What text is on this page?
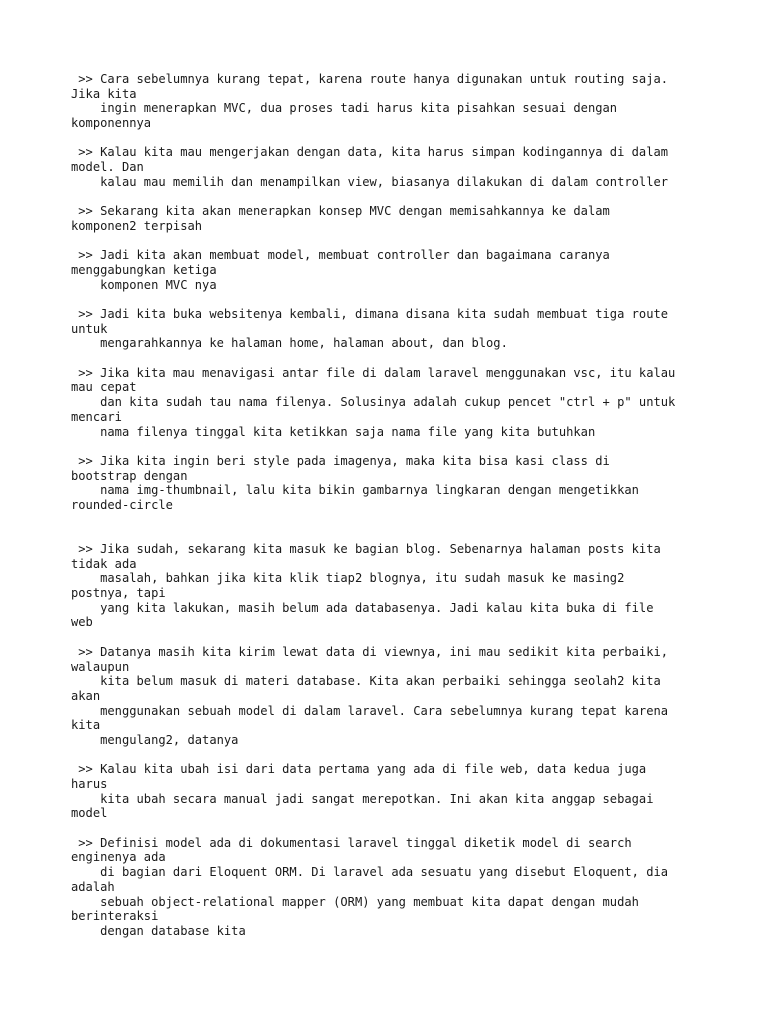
>> Cara sebelumnya kurang tepat, karena route hanya digunakan untuk routing saja.
Jika kita
ingin menerapkan MVC, dua proses tadi harus kita pisahkan sesuai dengan
komponennya
>> Kalau kita mau mengerjakan dengan data, kita harus simpan kodingannya di dalam
model. Dan
kalau mau memilih dan menampilkan view, biasanya dilakukan di dalam controller
>> Sekarang kita akan menerapkan konsep MVC dengan memisahkannya ke dalam
komponen2 terpisah
>> Jadi kita akan membuat model, membuat controller dan bagaimana caranya
menggabungkan ketiga
komponen MVC nya
>> Jadi kita buka websitenya kembali, dimana disana kita sudah membuat tiga route
untuk
mengarahkannya ke halaman home, halaman about, dan blog.
>> Jika kita mau menavigasi antar file di dalam laravel menggunakan vsc, itu kalau
mau cepat
dan kita sudah tau nama filenya. Solusinya adalah cukup pencet "ctrl + p" untuk
mencari
nama filenya tinggal kita ketikkan saja nama file yang kita butuhkan
>> Jika kita ingin beri style pada imagenya, maka kita bisa kasi class di
bootstrap dengan
nama img-thumbnail, lalu kita bikin gambarnya lingkaran dengan mengetikkan
rounded-circle
>> Jika sudah, sekarang kita masuk ke bagian blog. Sebenarnya halaman posts kita
tidak ada
masalah, bahkan jika kita klik tiap2 blognya, itu sudah masuk ke masing2
postnya, tapi
yang kita lakukan, masih belum ada databasenya. Jadi kalau kita buka di file
web
>> Datanya masih kita kirim lewat data di viewnya, ini mau sedikit kita perbaiki,
walaupun
kita belum masuk di materi database. Kita akan perbaiki sehingga seolah2 kita
akan
menggunakan sebuah model di dalam laravel. Cara sebelumnya kurang tepat karena
kita
mengulang2, datanya
>> Kalau kita ubah isi dari data pertama yang ada di file web, data kedua juga
harus
kita ubah secara manual jadi sangat merepotkan. Ini akan kita anggap sebagai
model
>> Definisi model ada di dokumentasi laravel tinggal diketik model di search
enginenya ada
di bagian dari Eloquent ORM. Di laravel ada sesuatu yang disebut Eloquent, dia
adalah
sebuah object-relational mapper (ORM) yang membuat kita dapat dengan mudah
berinteraksi
dengan database kita
